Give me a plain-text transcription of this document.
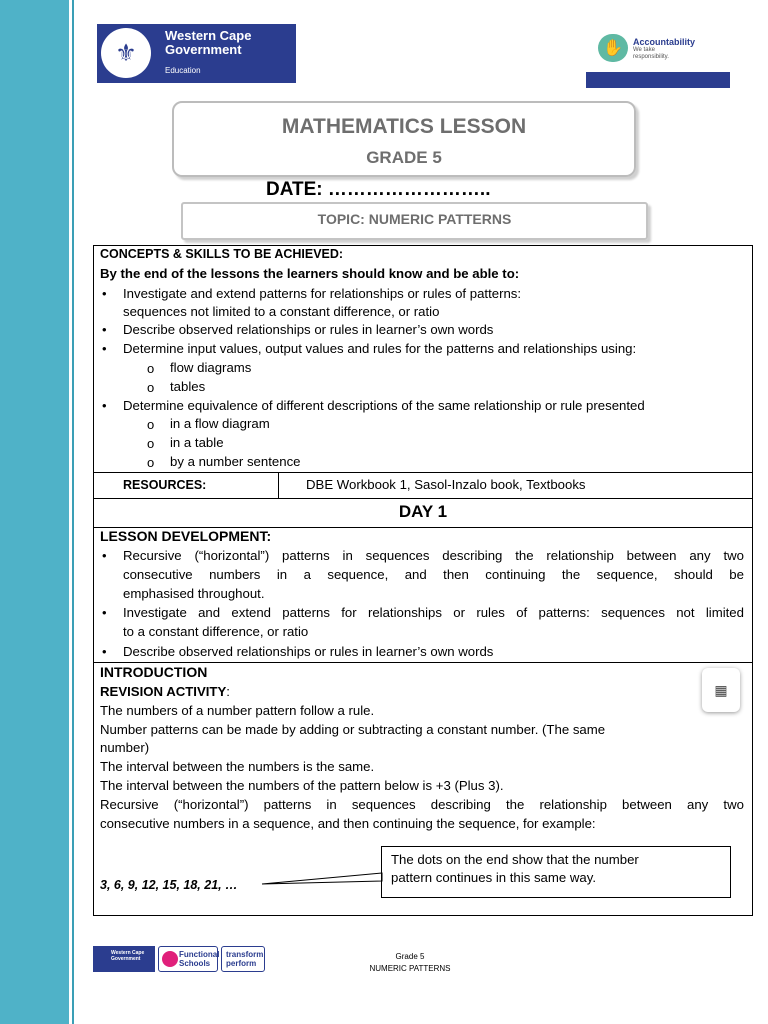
⚜
Western Cape
Government
Education
✋	Accountability
We take
responsibility.
MATHEMATICS LESSON
GRADE 5
DATE: ……………………..
TOPIC: NUMERIC PATTERNS
CONCEPTS & SKILLS TO BE ACHIEVED:
By the end of the lessons the learners should know and be able to:
• Investigate and extend patterns for relationships or rules of patterns:
sequences not limited to a constant difference, or ratio
• Describe observed relationships or rules in learner’s own words
• Determine input values, output values and rules for the patterns and relationships using:
o flow diagrams
o tables
• Determine equivalence of different descriptions of the same relationship or rule presented
o in a flow diagram
o in a table
o by a number sentence
RESOURCES:	DBE Workbook 1, Sasol-Inzalo book, Textbooks
DAY 1
LESSON DEVELOPMENT:
• Recursive (“horizontal”) patterns in sequences describing the relationship between any two
consecutive numbers in a sequence, and then continuing the sequence, should be
emphasised throughout.
• Investigate and extend patterns for relationships or rules of patterns: sequences not limited
to a constant difference, or ratio
• Describe observed relationships or rules in learner’s own words
INTRODUCTION
REVISION ACTIVITY:
The numbers of a number pattern follow a rule.
Number patterns can be made by adding or subtracting a constant number. (The same
number)
The interval between the numbers is the same.
The interval between the numbers of the pattern below is +3 (Plus 3).
Recursive (“horizontal”) patterns in sequences describing the relationship between any two
consecutive numbers in a sequence, and then continuing the sequence, for example:
3, 6, 9, 12, 15, 18, 21, …
The dots on the end show that the number
pattern continues in this same way.
▦
Western Cape Government	Functional
Schools
transform
perform
Grade 5
NUMERIC PATTERNS
